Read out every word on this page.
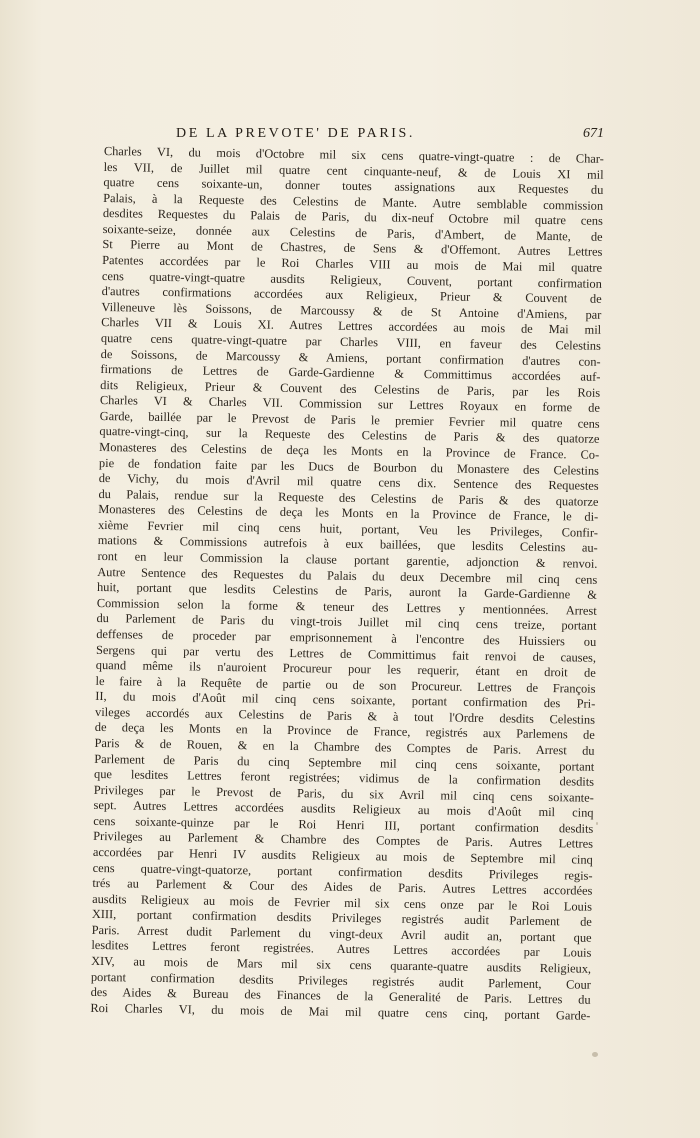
DE LA PREVOTE' DE PARIS.	671
Charles VI, du mois d'Octobre mil six cens quatre-vingt-quatre : de Char-
les VII, de Juillet mil quatre cent cinquante-neuf, & de Louis XI mil
quatre cens soixante-un, donner toutes assignations aux Requestes du
Palais, à la Requeste des Celestins de Mante. Autre semblable commission
desdites Requestes du Palais de Paris, du dix-neuf Octobre mil quatre cens
soixante-seize, donnée aux Celestins de Paris, d'Ambert, de Mante, de
St Pierre au Mont de Chastres, de Sens & d'Offemont. Autres Lettres
Patentes accordées par le Roi Charles VIII au mois de Mai mil quatre
cens quatre-vingt-quatre ausdits Religieux, Couvent, portant confirmation
d'autres confirmations accordées aux Religieux, Prieur & Couvent de
Villeneuve lès Soissons, de Marcoussy & de St Antoine d'Amiens, par
Charles VII & Louis XI. Autres Lettres accordées au mois de Mai mil
quatre cens quatre-vingt-quatre par Charles VIII, en faveur des Celestins
de Soissons, de Marcoussy & Amiens, portant confirmation d'autres con-
firmations de Lettres de Garde-Gardienne & Committimus accordées auf-
dits Religieux, Prieur & Couvent des Celestins de Paris, par les Rois
Charles VI & Charles VII. Commission sur Lettres Royaux en forme de
Garde, baillée par le Prevost de Paris le premier Fevrier mil quatre cens
quatre-vingt-cinq, sur la Requeste des Celestins de Paris & des quatorze
Monasteres des Celestins de deça les Monts en la Province de France. Co-
pie de fondation faite par les Ducs de Bourbon du Monastere des Celestins
de Vichy, du mois d'Avril mil quatre cens dix. Sentence des Requestes
du Palais, rendue sur la Requeste des Celestins de Paris & des quatorze
Monasteres des Celestins de deça les Monts en la Province de France, le di-
xième Fevrier mil cinq cens huit, portant, Veu les Privileges, Confir-
mations & Commissions autrefois à eux baillées, que lesdits Celestins au-
ront en leur Commission la clause portant garentie, adjonction & renvoi.
Autre Sentence des Requestes du Palais du deux Decembre mil cinq cens
huit, portant que lesdits Celestins de Paris, auront la Garde-Gardienne &
Commission selon la forme & teneur des Lettres y mentionnées. Arrest
du Parlement de Paris du vingt-trois Juillet mil cinq cens treize, portant
deffenses de proceder par emprisonnement à l'encontre des Huissiers ou
Sergens qui par vertu des Lettres de Committimus fait renvoi de causes,
quand même ils n'auroient Procureur pour les requerir, étant en droit de
le faire à la Requête de partie ou de son Procureur. Lettres de François
II, du mois d'Août mil cinq cens soixante, portant confirmation des Pri-
vileges accordés aux Celestins de Paris & à tout l'Ordre desdits Celestins
de deça les Monts en la Province de France, registrés aux Parlemens de
Paris & de Rouen, & en la Chambre des Comptes de Paris. Arrest du
Parlement de Paris du cinq Septembre mil cinq cens soixante, portant
que lesdites Lettres feront registrées; vidimus de la confirmation desdits
Privileges par le Prevost de Paris, du six Avril mil cinq cens soixante-
sept. Autres Lettres accordées ausdits Religieux au mois d'Août mil cinq
cens soixante-quinze par le Roi Henri III, portant confirmation desdits
Privileges au Parlement & Chambre des Comptes de Paris. Autres Lettres
accordées par Henri IV ausdits Religieux au mois de Septembre mil cinq
cens quatre-vingt-quatorze, portant confirmation desdits Privileges regis-
trés au Parlement & Cour des Aides de Paris. Autres Lettres accordées
ausdits Religieux au mois de Fevrier mil six cens onze par le Roi Louis
XIII, portant confirmation desdits Privileges registrés audit Parlement de
Paris. Arrest dudit Parlement du vingt-deux Avril audit an, portant que
lesdites Lettres feront registrées. Autres Lettres accordées par Louis
XIV, au mois de Mars mil six cens quarante-quatre ausdits Religieux,
portant confirmation desdits Privileges registrés audit Parlement, Cour
des Aides & Bureau des Finances de la Generalité de Paris. Lettres du
Roi Charles VI, du mois de Mai mil quatre cens cinq, portant Garde-
